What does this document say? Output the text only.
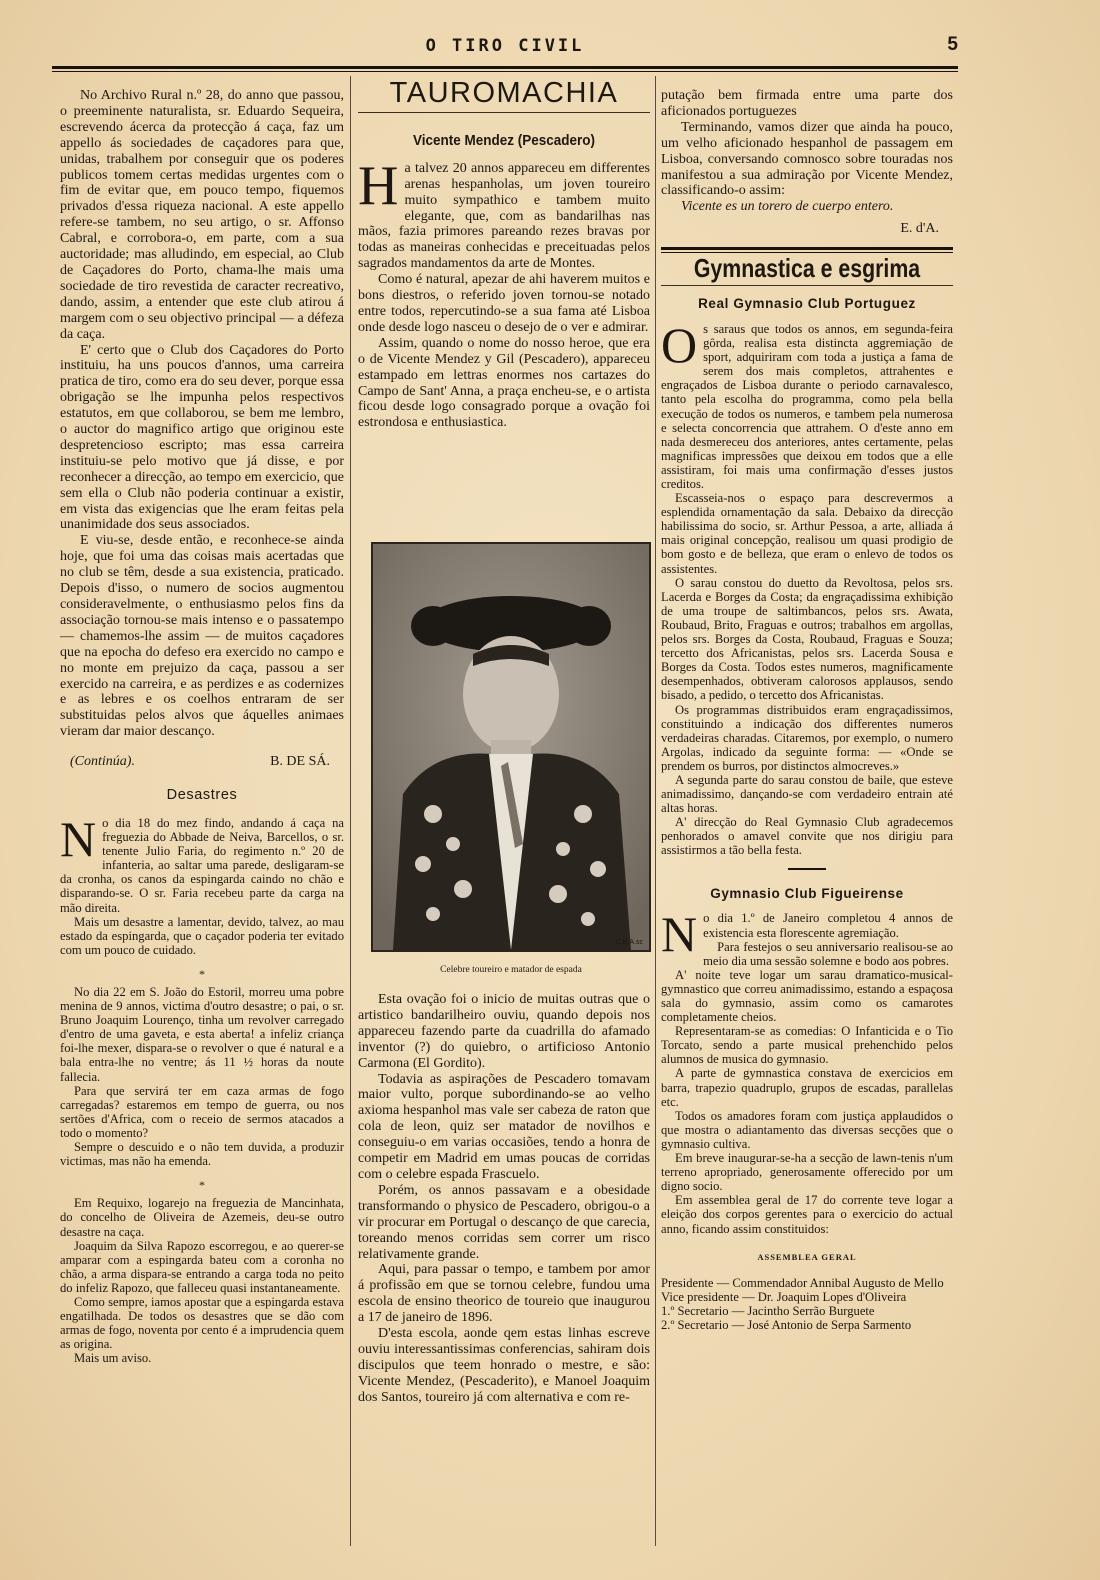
O TIRO CIVIL	5

No Archivo Rural n.º 28, do anno que passou, o preeminente naturalista, sr. Eduardo Sequeira, escrevendo ácerca da protecção á caça, faz um appello ás sociedades de caçadores para que, unidas, trabalhem por conseguir que os poderes publicos tomem certas medidas urgentes com o fim de evitar que, em pouco tempo, fiquemos privados d'essa riqueza nacional. A este appello refere-se tambem, no seu artigo, o sr. Affonso Cabral, e corrobora-o, em parte, com a sua auctoridade; mas alludindo, em especial, ao Club de Caçadores do Porto, chama-lhe mais uma sociedade de tiro revestida de caracter recreativo, dando, assim, a entender que este club atirou á margem com o seu objectivo principal — a défeza da caça.

E' certo que o Club dos Caçadores do Porto instituiu, ha uns poucos d'annos, uma carreira pratica de tiro, como era do seu dever, porque essa obrigação se lhe impunha pelos respectivos estatutos, em que collaborou, se bem me lembro, o auctor do magnifico artigo que originou este despretencioso escripto; mas essa carreira instituiu-se pelo motivo que já disse, e por reconhecer a direcção, ao tempo em exercicio, que sem ella o Club não poderia continuar a existir, em vista das exigencias que lhe eram feitas pela unanimidade dos seus associados.

E viu-se, desde então, e reconhece-se ainda hoje, que foi uma das coisas mais acertadas que no club se têm, desde a sua existencia, praticado. Depois d'isso, o numero de socios augmentou consideravelmente, o enthusiasmo pelos fins da associação tornou-se mais intenso e o passatempo — chamemos-lhe assim — de muitos caçadores que na epocha do defeso era exercido no campo e no monte em prejuizo da caça, passou a ser exercido na carreira, e as perdizes e as codernizes e as lebres e os coelhos entraram de ser substituidas pelos alvos que áquelles animaes vieram dar maior descanço.

(Continúa).	B. DE SÁ.
Desastres
N o dia 18 do mez findo, andando á caça na freguezia do Abbade de Neiva, Barcellos, o sr. tenente Julio Faria, do regimento n.º 20 de infanteria, ao saltar uma parede, desligaram-se da cronha, os canos da espingarda caindo no chão e disparando-se. O sr. Faria recebeu parte da carga na mão direita.

Mais um desastre a lamentar, devido, talvez, ao mau estado da espingarda, que o caçador poderia ter evitado com um pouco de cuidado.

*

No dia 22 em S. João do Estoril, morreu uma pobre menina de 9 annos, victima d'outro desastre; o pai, o sr. Bruno Joaquim Lourenço, tinha um revolver carregado d'entro de uma gaveta, e esta aberta! a infeliz criança foi-lhe mexer, dispara-se o revolver o que é natural e a bala entra-lhe no ventre; ás 11 ½ horas da noute fallecia.

Para que servirá ter em caza armas de fogo carregadas? estaremos em tempo de guerra, ou nos sertões d'Africa, com o receio de sermos atacados a todo o momento?

Sempre o descuido e o não tem duvida, a produzir victimas, mas não ha emenda.

*

Em Requixo, logarejo na freguezia de Mancinhata, do concelho de Oliveira de Azemeis, deu-se outro desastre na caça.

Joaquim da Silva Rapozo escorregou, e ao querer-se amparar com a espingarda bateu com a coronha no chão, a arma dispara-se entrando a carga toda no peito do infeliz Rapozo, que falleceu quasi instantaneamente.

Como sempre, iamos apostar que a espingarda estava engatilhada. De todos os desastres que se dão com armas de fogo, noventa por cento é a imprudencia quem as origina.

Mais um aviso.

TAUROMACHIA
Vicente Mendez (Pescadero)
H a talvez 20 annos appareceu em differentes arenas hespanholas, um joven toureiro muito sympathico e tambem muito elegante, que, com as bandarilhas nas mãos, fazia primores pareando rezes bravas por todas as maneiras conhecidas e preceituadas pelos sagrados mandamentos da arte de Montes.

Como é natural, apezar de ahi haverem muitos e bons diestros, o referido joven tornou-se notado entre todos, repercutindo-se a sua fama até Lisboa onde desde logo nasceu o desejo de o ver e admirar.

Assim, quando o nome do nosso heroe, que era o de Vicente Mendez y Gil (Pescadero), appareceu estampado em lettras enormes nos cartazes do Campo de Sant' Anna, a praça encheu-se, e o artista ficou desde logo consagrado porque a ovação foi estrondosa e enthusiastica.

C.B.A.sc
Celebre toureiro e matador de espada

Esta ovação foi o inicio de muitas outras que o artistico bandarilheiro ouviu, quando depois nos appareceu fazendo parte da cuadrilla do afamado inventor (?) do quiebro, o artificioso Antonio Carmona (El Gordito).

Todavia as aspirações de Pescadero tomavam maior vulto, porque subordinando-se ao velho axioma hespanhol mas vale ser cabeza de raton que cola de leon, quiz ser matador de novilhos e conseguiu-o em varias occasiões, tendo a honra de competir em Madrid em umas poucas de corridas com o celebre espada Frascuelo.

Porém, os annos passavam e a obesidade transformando o physico de Pescadero, obrigou-o a vir procurar em Portugal o descanço de que carecia, toreando menos corridas sem correr um risco relativamente grande.

Aqui, para passar o tempo, e tambem por amor á profissão em que se tornou celebre, fundou uma escola de ensino theorico de toureio que inaugurou a 17 de janeiro de 1896.

D'esta escola, aonde qem estas linhas escreve ouviu interessantissimas conferencias, sahiram dois discipulos que teem honrado o mestre, e são: Vicente Mendez, (Pescaderito), e Manoel Joaquim dos Santos, toureiro já com alternativa e com re-

putação bem firmada entre uma parte dos aficionados portuguezes

Terminando, vamos dizer que ainda ha pouco, um velho aficionado hespanhol de passagem em Lisboa, conversando comnosco sobre touradas nos manifestou a sua admiração por Vicente Mendez, classificando-o assim:

Vicente es un torero de cuerpo entero.

E. d'A.
Gymnastica e esgrima
Real Gymnasio Club Portuguez
O s saraus que todos os annos, em segunda-feira gôrda, realisa esta distincta aggremiação de sport, adquiriram com toda a justiça a fama de serem dos mais completos, attrahentes e engraçados de Lisboa durante o periodo carnavalesco, tanto pela escolha do programma, como pela bella execução de todos os numeros, e tambem pela numerosa e selecta concorrencia que attrahem. O d'este anno em nada desmereceu dos anteriores, antes certamente, pelas magnificas impressões que deixou em todos que a elle assistiram, foi mais uma confirmação d'esses justos creditos.

Escasseia-nos o espaço para descrevermos a esplendida ornamentação da sala. Debaixo da direcção habilissima do socio, sr. Arthur Pessoa, a arte, alliada á mais original concepção, realisou um quasi prodigio de bom gosto e de belleza, que eram o enlevo de todos os assistentes.

O sarau constou do duetto da Revoltosa, pelos srs. Lacerda e Borges da Costa; da engraçadissima exhibição de uma troupe de saltimbancos, pelos srs. Awata, Roubaud, Brito, Fraguas e outros; trabalhos em argollas, pelos srs. Borges da Costa, Roubaud, Fraguas e Souza; tercetto dos Africanistas, pelos srs. Lacerda Sousa e Borges da Costa. Todos estes numeros, magnificamente desempenhados, obtiveram calorosos applausos, sendo bisado, a pedido, o tercetto dos Africanistas.

Os programmas distribuidos eram engraçadissimos, constituindo a indicação dos differentes numeros verdadeiras charadas. Citaremos, por exemplo, o numero Argolas, indicado da seguinte forma: — «Onde se prendem os burros, por distinctos almocreves.»

A segunda parte do sarau constou de baile, que esteve animadissimo, dançando-se com verdadeiro entrain até altas horas.

A' direcção do Real Gymnasio Club agradecemos penhorados o amavel convite que nos dirigiu para assistirmos a tão bella festa.

Gymnasio Club Figueirense
N o dia 1.º de Janeiro completou 4 annos de existencia esta florescente agremiação.

Para festejos o seu anniversario realisou-se ao meio dia uma sessão solemne e bodo aos pobres.

A' noite teve logar um sarau dramatico-musical-gymnastico que correu animadissimo, estando a espaçosa sala do gymnasio, assim como os camarotes completamente cheios.

Representaram-se as comedias: O Infanticida e o Tio Torcato, sendo a parte musical prehenchido pelos alumnos de musica do gymnasio.

A parte de gymnastica constava de exercicios em barra, trapezio quadruplo, grupos de escadas, parallelas etc.

Todos os amadores foram com justiça applaudidos o que mostra o adiantamento das diversas secções que o gymnasio cultiva.

Em breve inaugurar-se-ha a secção de lawn-tenis n'um terreno apropriado, generosamente offerecido por um digno socio.

Em assemblea geral de 17 do corrente teve logar a eleição dos corpos gerentes para o exercicio do actual anno, ficando assim constituidos:

ASSEMBLEA GERAL

Presidente — Commendador Annibal Augusto de Mello

Vice presidente — Dr. Joaquim Lopes d'Oliveira

1.º Secretario — Jacintho Serrão Burguete

2.º Secretario — José Antonio de Serpa Sarmento
